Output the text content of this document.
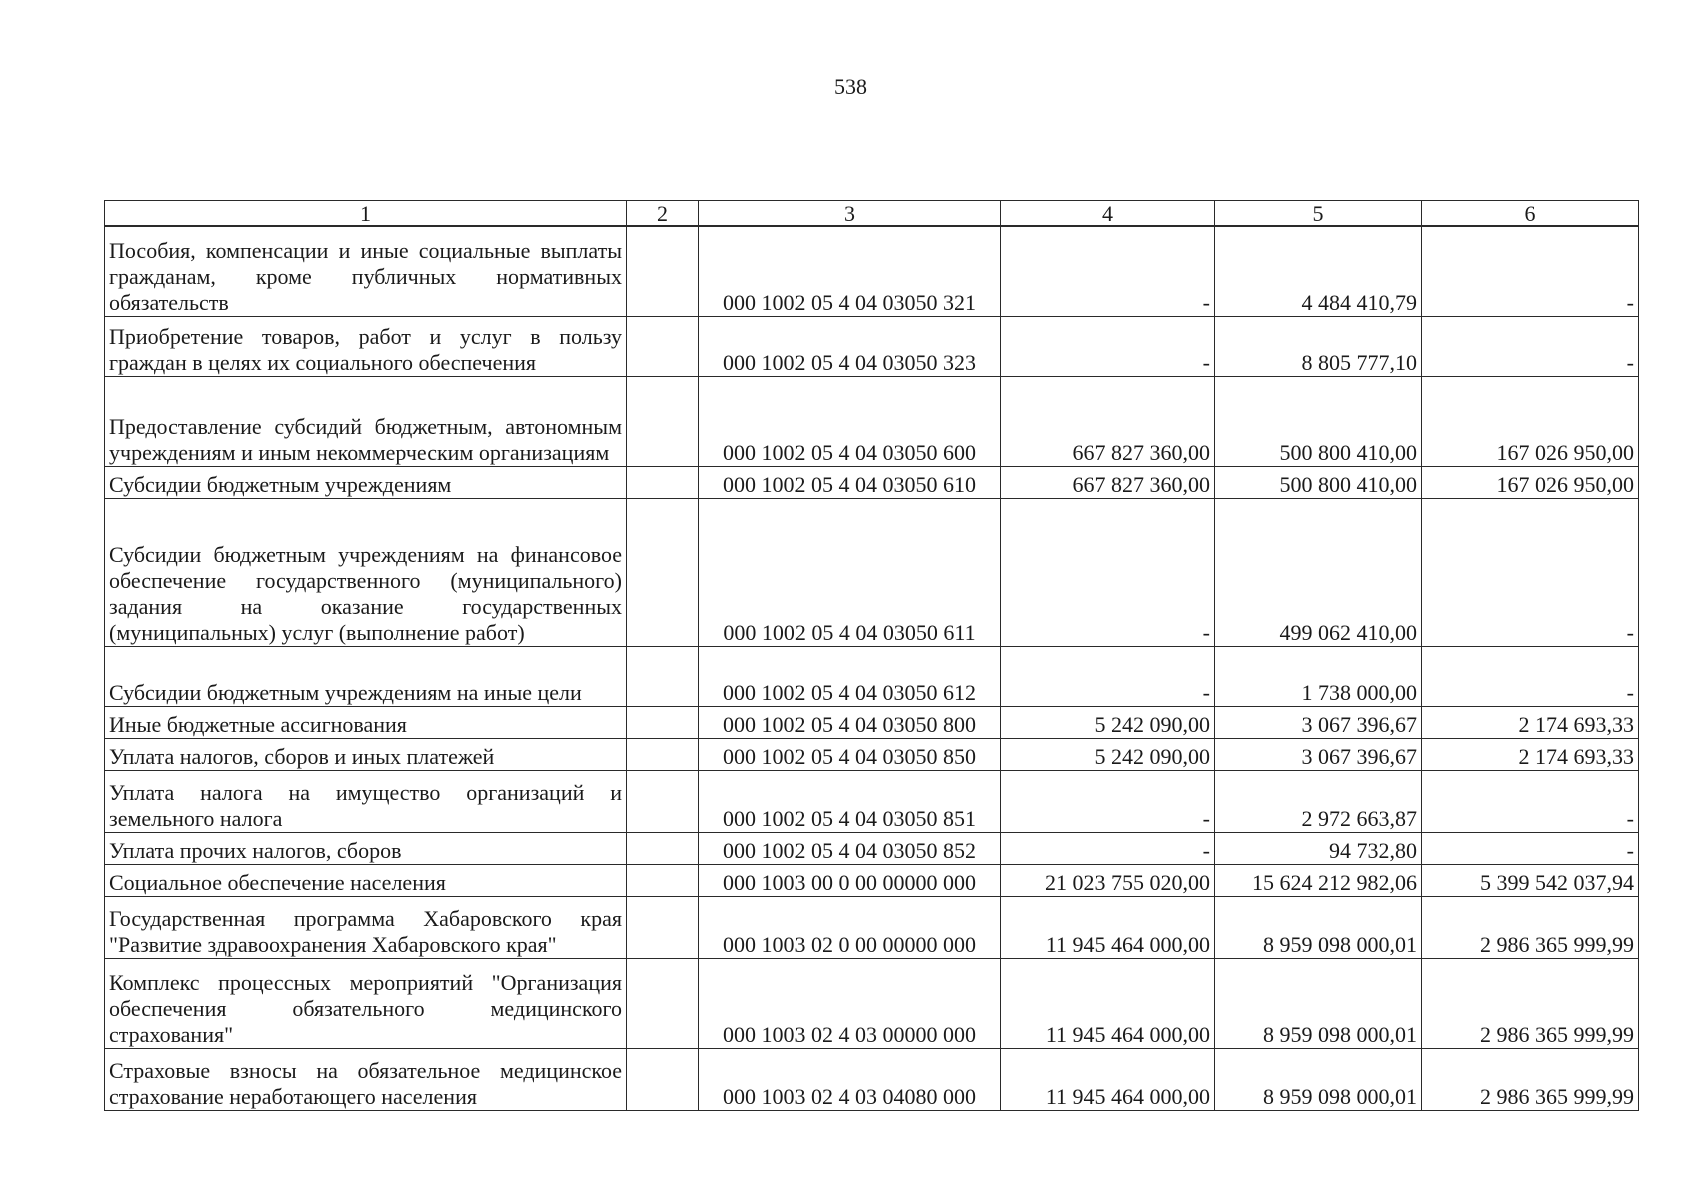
538
1	2	3	4	5	6
Пособия, компенсации и иные социальные выплаты гражданам, кроме публичных нормативных обязательств		000 1002 05 4 04 03050 321	-	4 484 410,79	-
Приобретение товаров, работ и услуг в пользу граждан в целях их социального обеспечения		000 1002 05 4 04 03050 323	-	8 805 777,10	-
Предоставление субсидий бюджетным, автономным учреждениям и иным некоммерческим организациям		000 1002 05 4 04 03050 600	667 827 360,00	500 800 410,00	167 026 950,00
Субсидии бюджетным учреждениям		000 1002 05 4 04 03050 610	667 827 360,00	500 800 410,00	167 026 950,00
Субсидии бюджетным учреждениям на финансовое обеспечение государственного (муниципального) задания на оказание государственных (муниципальных) услуг (выполнение работ)		000 1002 05 4 04 03050 611	-	499 062 410,00	-
Субсидии бюджетным учреждениям на иные цели		000 1002 05 4 04 03050 612	-	1 738 000,00	-
Иные бюджетные ассигнования		000 1002 05 4 04 03050 800	5 242 090,00	3 067 396,67	2 174 693,33
Уплата налогов, сборов и иных платежей		000 1002 05 4 04 03050 850	5 242 090,00	3 067 396,67	2 174 693,33
Уплата налога на имущество организаций и земельного налога		000 1002 05 4 04 03050 851	-	2 972 663,87	-
Уплата прочих налогов, сборов		000 1002 05 4 04 03050 852	-	94 732,80	-
Социальное обеспечение населения		000 1003 00 0 00 00000 000	21 023 755 020,00	15 624 212 982,06	5 399 542 037,94
Государственная программа Хабаровского края "Развитие здравоохранения Хабаровского края"		000 1003 02 0 00 00000 000	11 945 464 000,00	8 959 098 000,01	2 986 365 999,99
Комплекс процессных мероприятий "Организация обеспечения обязательного медицинского страхования"		000 1003 02 4 03 00000 000	11 945 464 000,00	8 959 098 000,01	2 986 365 999,99
Страховые взносы на обязательное медицинское страхование неработающего населения		000 1003 02 4 03 04080 000	11 945 464 000,00	8 959 098 000,01	2 986 365 999,99
